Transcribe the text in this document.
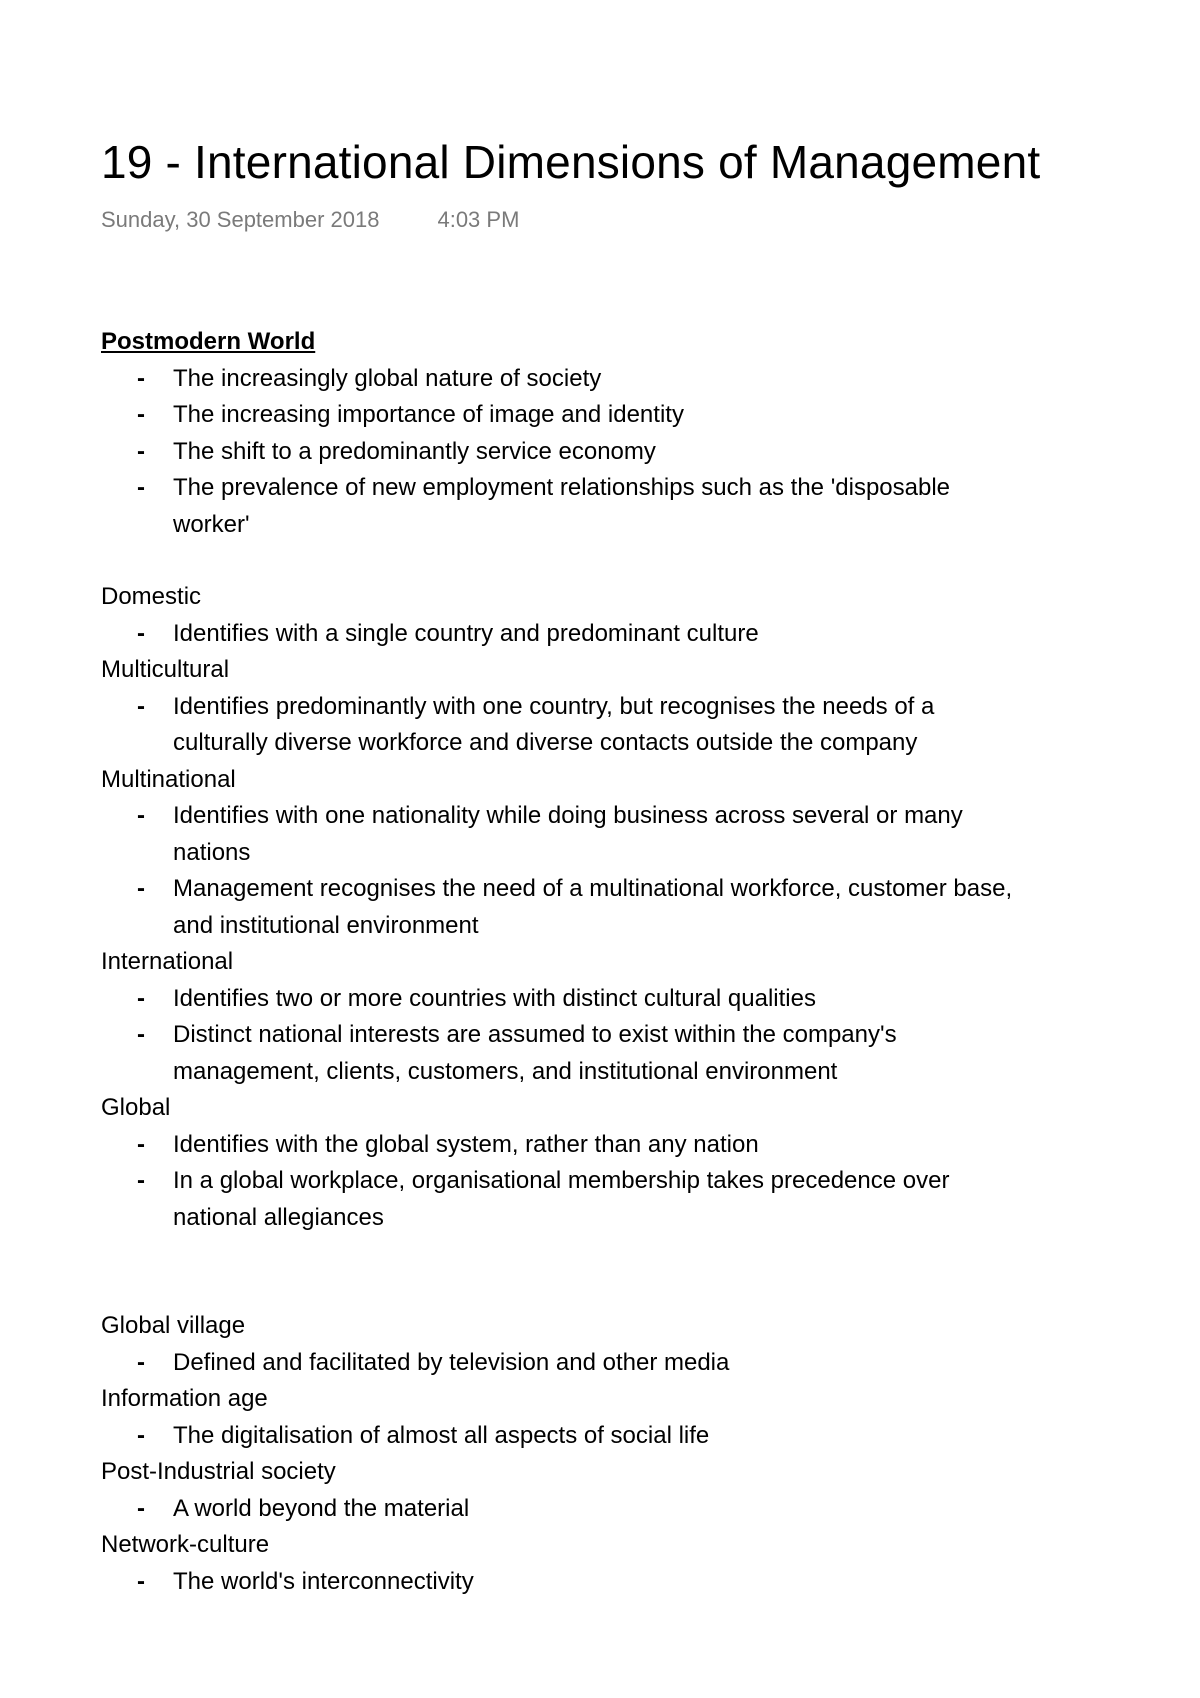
19 - International Dimensions of Management
Sunday, 30 September 2018	4:03 PM
Postmodern World
- The increasingly global nature of society
- The increasing importance of image and identity
- The shift to a predominantly service economy
- The prevalence of new employment relationships such as the 'disposable worker'
Domestic
- Identifies with a single country and predominant culture
Multicultural
- Identifies predominantly with one country, but recognises the needs of a culturally diverse workforce and diverse contacts outside the company
Multinational
- Identifies with one nationality while doing business across several or many nations
- Management recognises the need of a multinational workforce, customer base, and institutional environment
International
- Identifies two or more countries with distinct cultural qualities
- Distinct national interests are assumed to exist within the company's management, clients, customers, and institutional environment
Global
- Identifies with the global system, rather than any nation
- In a global workplace, organisational membership takes precedence over national allegiances
Global village
- Defined and facilitated by television and other media
Information age
- The digitalisation of almost all aspects of social life
Post-Industrial society
- A world beyond the material
Network-culture
- The world's interconnectivity
